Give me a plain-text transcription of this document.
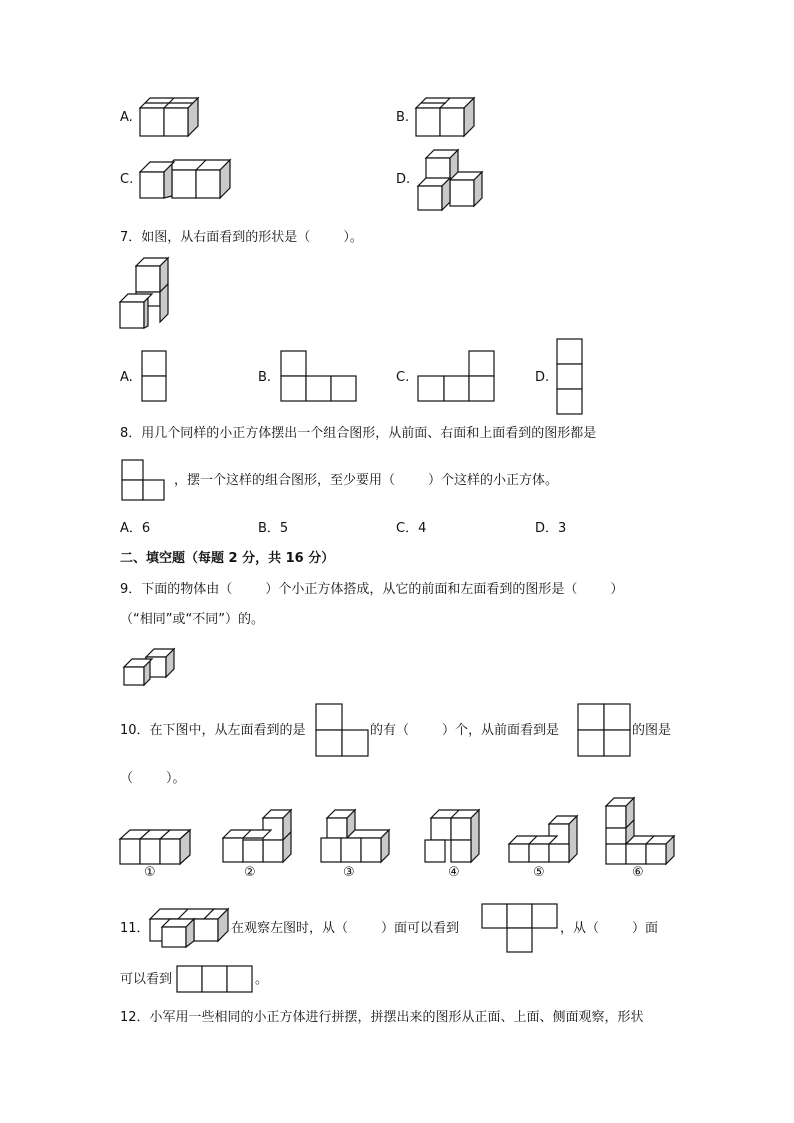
A.	B.
C.	D.
7．如图，从右面看到的形状是（        ）。
A.	B.	C.	D.
8．用几个同样的小正方体摆出一个组合图形，从前面、右面和上面看到的图形都是
，摆一个这样的组合图形，至少要用（        ）个这样的小正方体。
A．6	B．5	C．4	D．3
二、填空题（每题 2 分，共 16 分）
9．下面的物体由（        ）个小正方体搭成，从它的前面和左面看到的图形是（        ）
（“相同”或“不同”）的。
10．在下图中，从左面看到的是	的有（        ）个，从前面看到是	的图是
（        ）。
①	②	③	④	⑤	⑥
11．	在观察左图时，从（        ）面可以看到	，从（        ）面
可以看到	。
12．小军用一些相同的小正方体进行拼摆，拼摆出来的图形从正面、上面、侧面观察，形状
